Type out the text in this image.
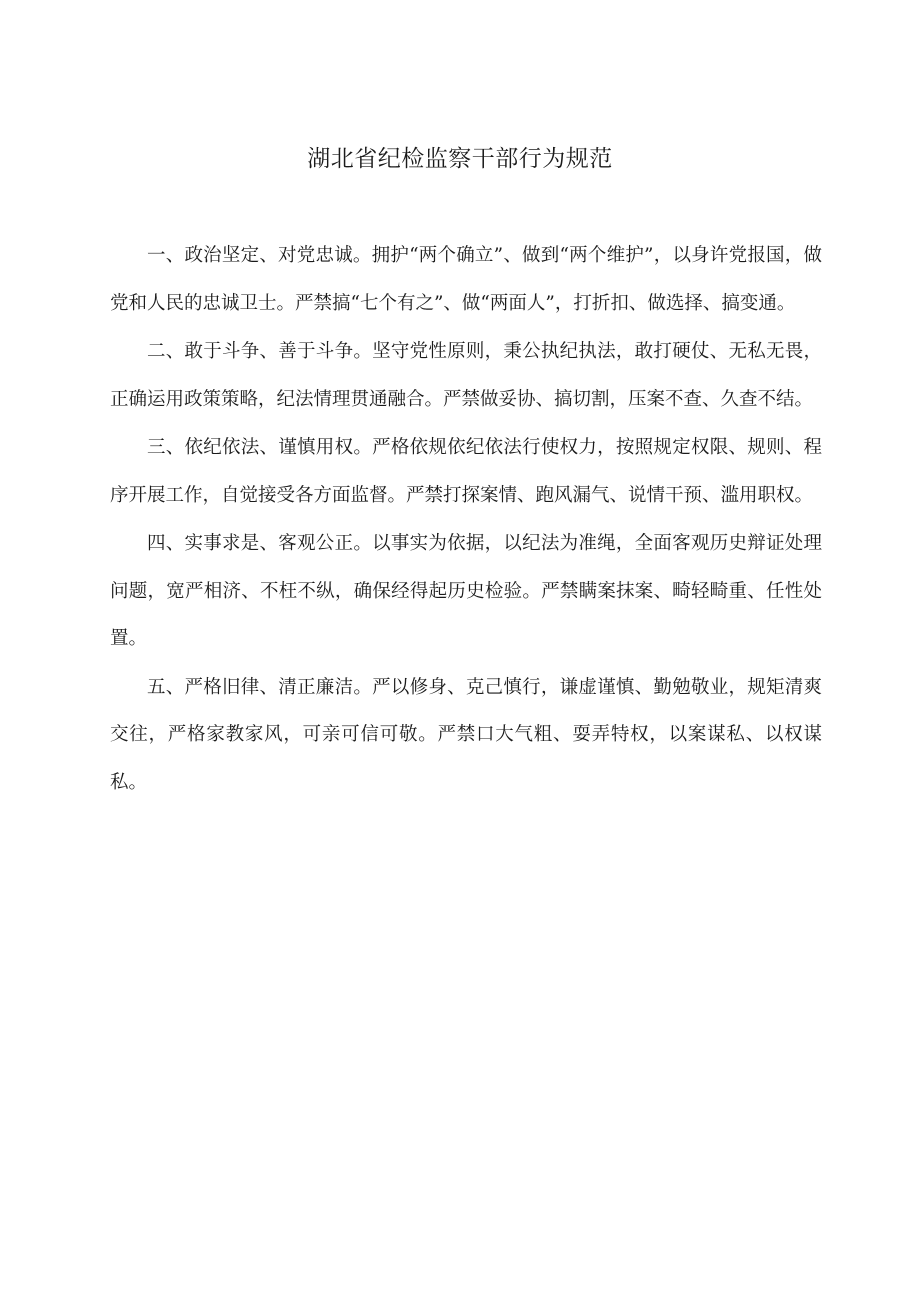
湖北省纪检监察干部行为规范

一、政治坚定、对党忠诚。拥护“两个确立”、做到“两个维护”，以身许党报国，做党和人民的忠诚卫士。严禁搞“七个有之”、做“两面人”，打折扣、做选择、搞变通。

二、敢于斗争、善于斗争。坚守党性原则，秉公执纪执法，敢打硬仗、无私无畏，正确运用政策策略，纪法情理贯通融合。严禁做妥协、搞切割，压案不查、久查不结。

三、依纪依法、谨慎用权。严格依规依纪依法行使权力，按照规定权限、规则、程序开展工作，自觉接受各方面监督。严禁打探案情、跑风漏气、说情干预、滥用职权。

四、实事求是、客观公正。以事实为依据，以纪法为准绳，全面客观历史辩证处理问题，宽严相济、不枉不纵，确保经得起历史检验。严禁瞒案抹案、畸轻畸重、任性处置。

五、严格旧律、清正廉洁。严以修身、克己慎行，谦虚谨慎、勤勉敬业，规矩清爽交往，严格家教家风，可亲可信可敬。严禁口大气粗、耍弄特权，以案谋私、以权谋私。
